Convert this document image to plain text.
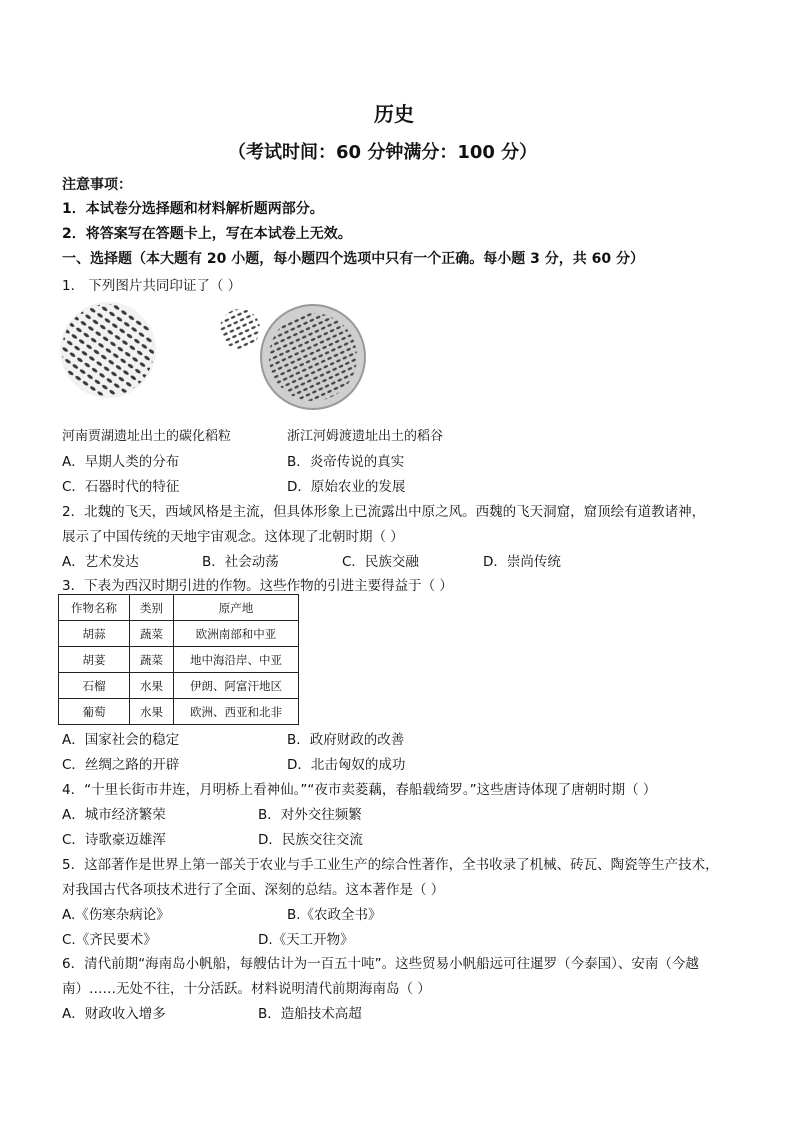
历史
（考试时间：60 分钟满分：100 分）
注意事项：
1．本试卷分选择题和材料解析题两部分。
2．将答案写在答题卡上，写在本试卷上无效。
一、选择题（本大题有 20 小题，每小题四个选项中只有一个正确。每小题 3 分，共 60 分）
1． 下列图片共同印证了（ ）
河南贾湖遗址出土的碳化稻粒	浙江河姆渡遗址出土的稻谷
A．早期人类的分布	B．炎帝传说的真实
C．石器时代的特征	D．原始农业的发展
2．北魏的飞天，西域风格是主流，但具体形象上已流露出中原之风。西魏的飞天洞窟，窟顶绘有道教诸神，
展示了中国传统的天地宇宙观念。这体现了北朝时期（ ）
A．艺术发达	B．社会动荡	C．民族交融	D．崇尚传统
3．下表为西汉时期引进的作物。这些作物的引进主要得益于（ ）
作物名称	类别	原产地
胡蒜	蔬菜	欧洲南部和中亚
胡荽	蔬菜	地中海沿岸、中亚
石榴	水果	伊朗、阿富汗地区
葡萄	水果	欧洲、西亚和北非
A．国家社会的稳定	B．政府财政的改善
C．丝绸之路的开辟	D．北击匈奴的成功
4．“十里长街市井连，月明桥上看神仙。”“夜市卖菱藕，春船载绮罗。”这些唐诗体现了唐朝时期（ ）
A．城市经济繁荣	B．对外交往频繁
C．诗歌豪迈雄浑	D．民族交往交流
5．这部著作是世界上第一部关于农业与手工业生产的综合性著作，全书收录了机械、砖瓦、陶瓷等生产技术，
对我国古代各项技术进行了全面、深刻的总结。这本著作是（ ）
A.《伤寒杂病论》	B.《农政全书》
C.《齐民要术》	D.《天工开物》
6．清代前期“海南岛小帆船，每艘估计为一百五十吨”。这些贸易小帆船远可往暹罗（今泰国）、安南（今越
南）……无处不往，十分活跃。材料说明清代前期海南岛（ ）
A．财政收入增多	B．造船技术高超
